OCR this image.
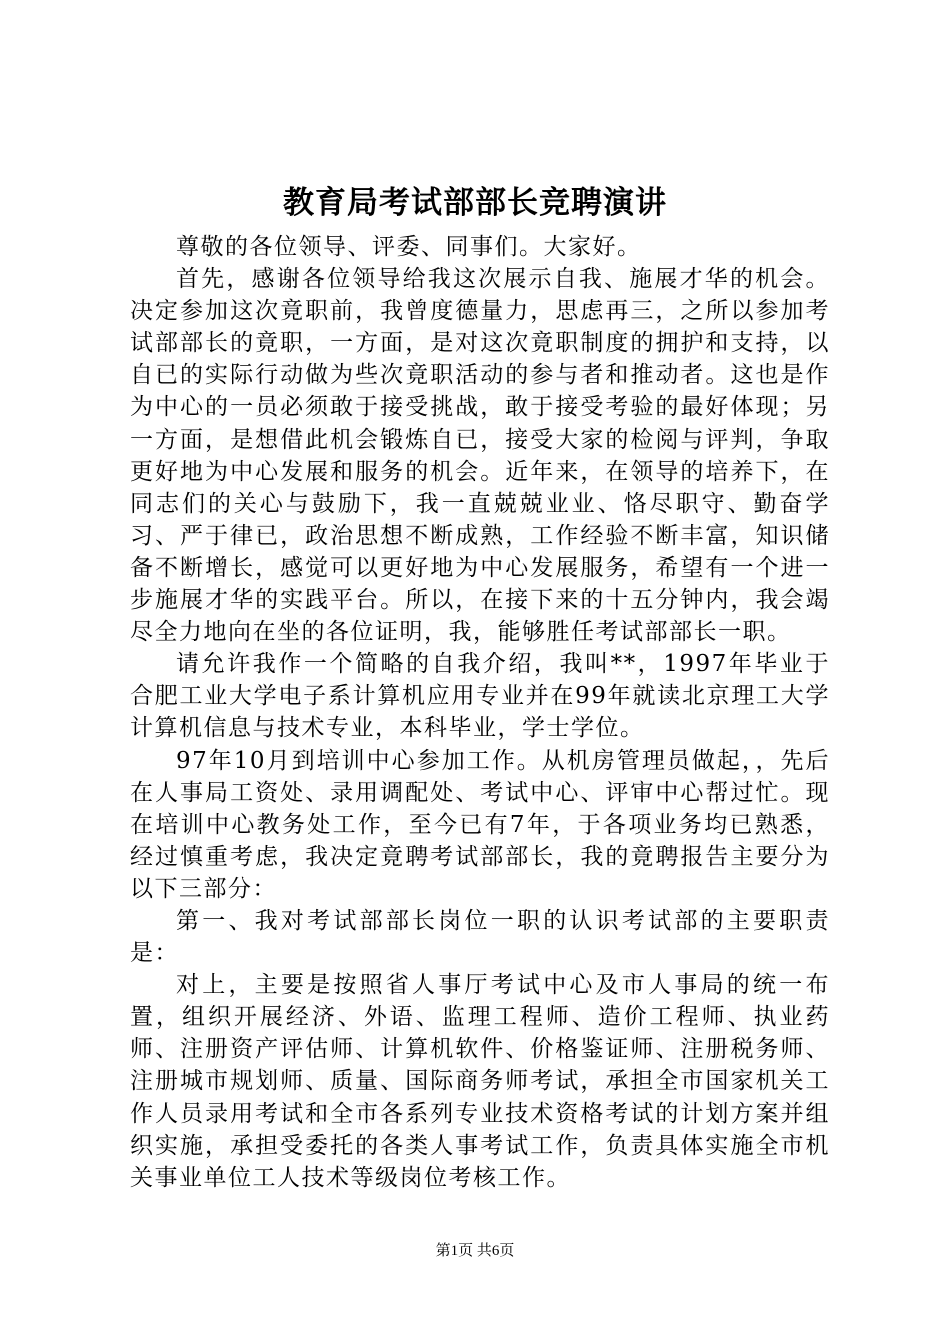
教育局考试部部长竞聘演讲

尊敬的各位领导、评委、同事们。大家好。

首先，感谢各位领导给我这次展示自我、施展才华的机会。决定参加这次竟职前，我曾度德量力，思虑再三，之所以参加考试部部长的竟职，一方面，是对这次竟职制度的拥护和支持，以自已的实际行动做为些次竟职活动的参与者和推动者。这也是作为中心的一员必须敢于接受挑战，敢于接受考验的最好体现；另一方面，是想借此机会锻炼自已，接受大家的检阅与评判，争取更好地为中心发展和服务的机会。近年来，在领导的培养下，在同志们的关心与鼓励下，我一直兢兢业业、恪尽职守、勤奋学习、严于律已，政治思想不断成熟，工作经验不断丰富，知识储备不断增长，感觉可以更好地为中心发展服务，希望有一个进一步施展才华的实践平台。所以，在接下来的十五分钟内，我会竭尽全力地向在坐的各位证明，我，能够胜任考试部部长一职。

请允许我作一个简略的自我介绍，我叫**，1997年毕业于合肥工业大学电子系计算机应用专业并在99年就读北京理工大学计算机信息与技术专业，本科毕业，学士学位。

97年10月到培训中心参加工作。从机房管理员做起，，先后在人事局工资处、录用调配处、考试中心、评审中心帮过忙。现在培训中心教务处工作，至今已有7年，于各项业务均已熟悉，经过慎重考虑，我决定竟聘考试部部长，我的竟聘报告主要分为以下三部分：

第一、我对考试部部长岗位一职的认识考试部的主要职责是：

对上，主要是按照省人事厅考试中心及市人事局的统一布置，组织开展经济、外语、监理工程师、造价工程师、执业药师、注册资产评估师、计算机软件、价格鉴证师、注册税务师、注册城市规划师、质量、国际商务师考试，承担全市国家机关工作人员录用考试和全市各系列专业技术资格考试的计划方案并组织实施，承担受委托的各类人事考试工作，负责具体实施全市机关事业单位工人技术等级岗位考核工作。

第1页 共6页
